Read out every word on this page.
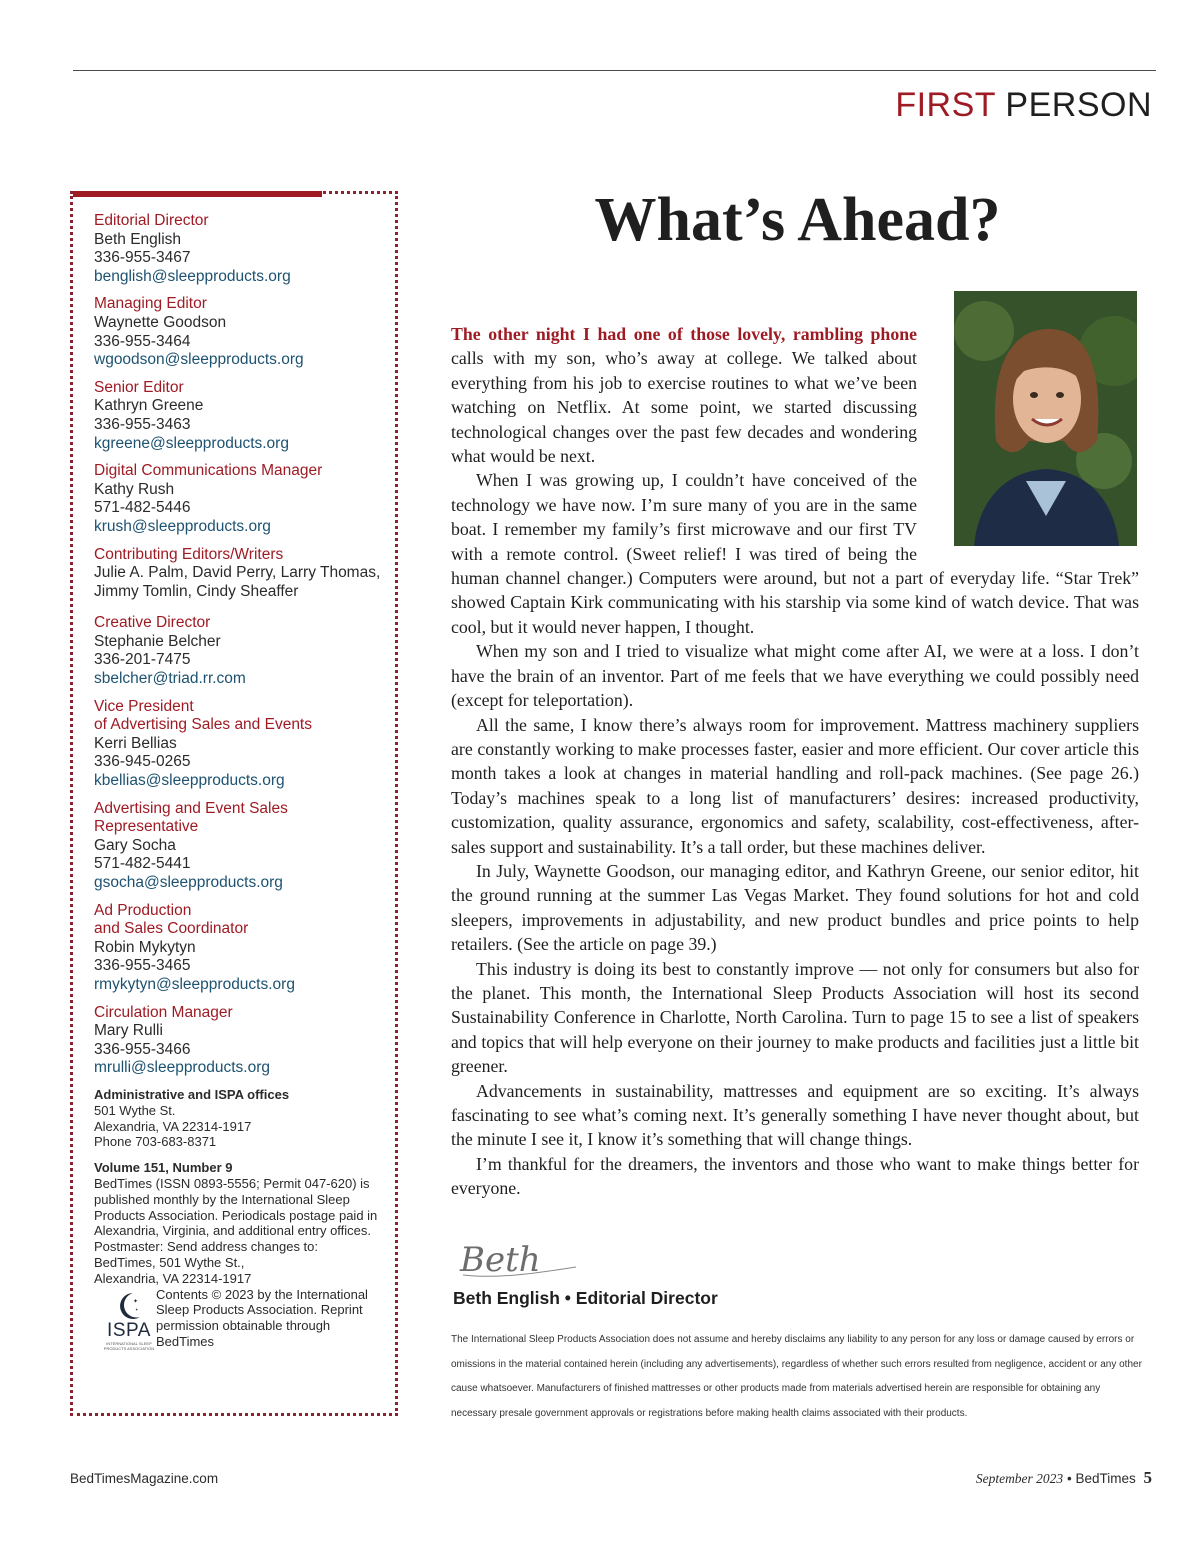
FIRST PERSON
Editorial Director
Beth English
336-955-3467
benglish@sleepproducts.org
Managing Editor
Waynette Goodson
336-955-3464
wgoodson@sleepproducts.org
Senior Editor
Kathryn Greene
336-955-3463
kgreene@sleepproducts.org
Digital Communications Manager
Kathy Rush
571-482-5446
krush@sleepproducts.org
Contributing Editors/Writers
Julie A. Palm, David Perry, Larry Thomas, Jimmy Tomlin, Cindy Sheaffer
Creative Director
Stephanie Belcher
336-201-7475
sbelcher@triad.rr.com
Vice President
of Advertising Sales and Events
Kerri Bellias
336-945-0265
kbellias@sleepproducts.org
Advertising and Event Sales Representative
Gary Socha
571-482-5441
gsocha@sleepproducts.org
Ad Production
and Sales Coordinator
Robin Mykytyn
336-955-3465
rmykytyn@sleepproducts.org
Circulation Manager
Mary Rulli
336-955-3466
mrulli@sleepproducts.org
Administrative and ISPA offices
501 Wythe St.
Alexandria, VA 22314-1917
Phone 703-683-8371
Volume 151, Number 9
BedTimes (ISSN 0893-5556; Permit 047-620) is published monthly by the International Sleep Products Association. Periodicals postage paid in Alexandria, Virginia, and additional entry offices.
Postmaster: Send address changes to:
BedTimes, 501 Wythe St.,
Alexandria, VA 22314-1917
✦
✦
ISPA
INTERNATIONAL SLEEP PRODUCTS ASSOCIATION
Contents © 2023 by the International Sleep Products Association. Reprint permission obtainable through BedTimes
What’s Ahead?

The other night I had one of those lovely, rambling phone calls with my son, who’s away at college. We talked about everything from his job to exercise routines to what we’ve been watching on Netflix. At some point, we started discussing technological changes over the past few decades and wondering what would be next.

When I was growing up, I couldn’t have conceived of the technology we have now. I’m sure many of you are in the same boat. I remember my family’s first microwave and our first TV with a remote control. (Sweet relief! I was tired of being the human channel changer.) Computers were around, but not a part of everyday life. “Star Trek” showed Captain Kirk communicating with his starship via some kind of watch device. That was cool, but it would never happen, I thought.

When my son and I tried to visualize what might come after AI, we were at a loss. I don’t have the brain of an inventor. Part of me feels that we have everything we could possibly need (except for teleportation).

All the same, I know there’s always room for improvement. Mattress machinery suppliers are constantly working to make processes faster, easier and more efficient. Our cover article this month takes a look at changes in material handling and roll-pack machines. (See page 26.) Today’s machines speak to a long list of manufacturers’ desires: increased productivity, customization, quality assurance, ergonomics and safety, scalability, cost-effectiveness, after-sales support and sustainability. It’s a tall order, but these machines deliver.

In July, Waynette Goodson, our managing editor, and Kathryn Greene, our senior editor, hit the ground running at the summer Las Vegas Market. They found solutions for hot and cold sleepers, improvements in adjustability, and new product bundles and price points to help retailers. (See the article on page 39.)

This industry is doing its best to constantly improve — not only for consumers but also for the planet. This month, the International Sleep Products Association will host its second Sustainability Conference in Charlotte, North Carolina. Turn to page 15 to see a list of speakers and topics that will help everyone on their journey to make products and facilities just a little bit greener.

Advancements in sustainability, mattresses and equipment are so exciting. It’s always fascinating to see what’s coming next. It’s generally something I have never thought about, but the minute I see it, I know it’s something that will change things.

I’m thankful for the dreamers, the inventors and those who want to make things better for everyone.

Beth
Beth English • Editorial Director
The International Sleep Products Association does not assume and hereby disclaims any liability to any person for any loss or damage caused by errors or omissions in the material contained herein (including any advertisements), regardless of whether such errors resulted from negligence, accident or any other cause whatsoever. Manufacturers of finished mattresses or other products made from materials advertised herein are responsible for obtaining any necessary presale government approvals or registrations before making health claims associated with their products.
BedTimesMagazine.com	September 2023 • BedTimes 5
